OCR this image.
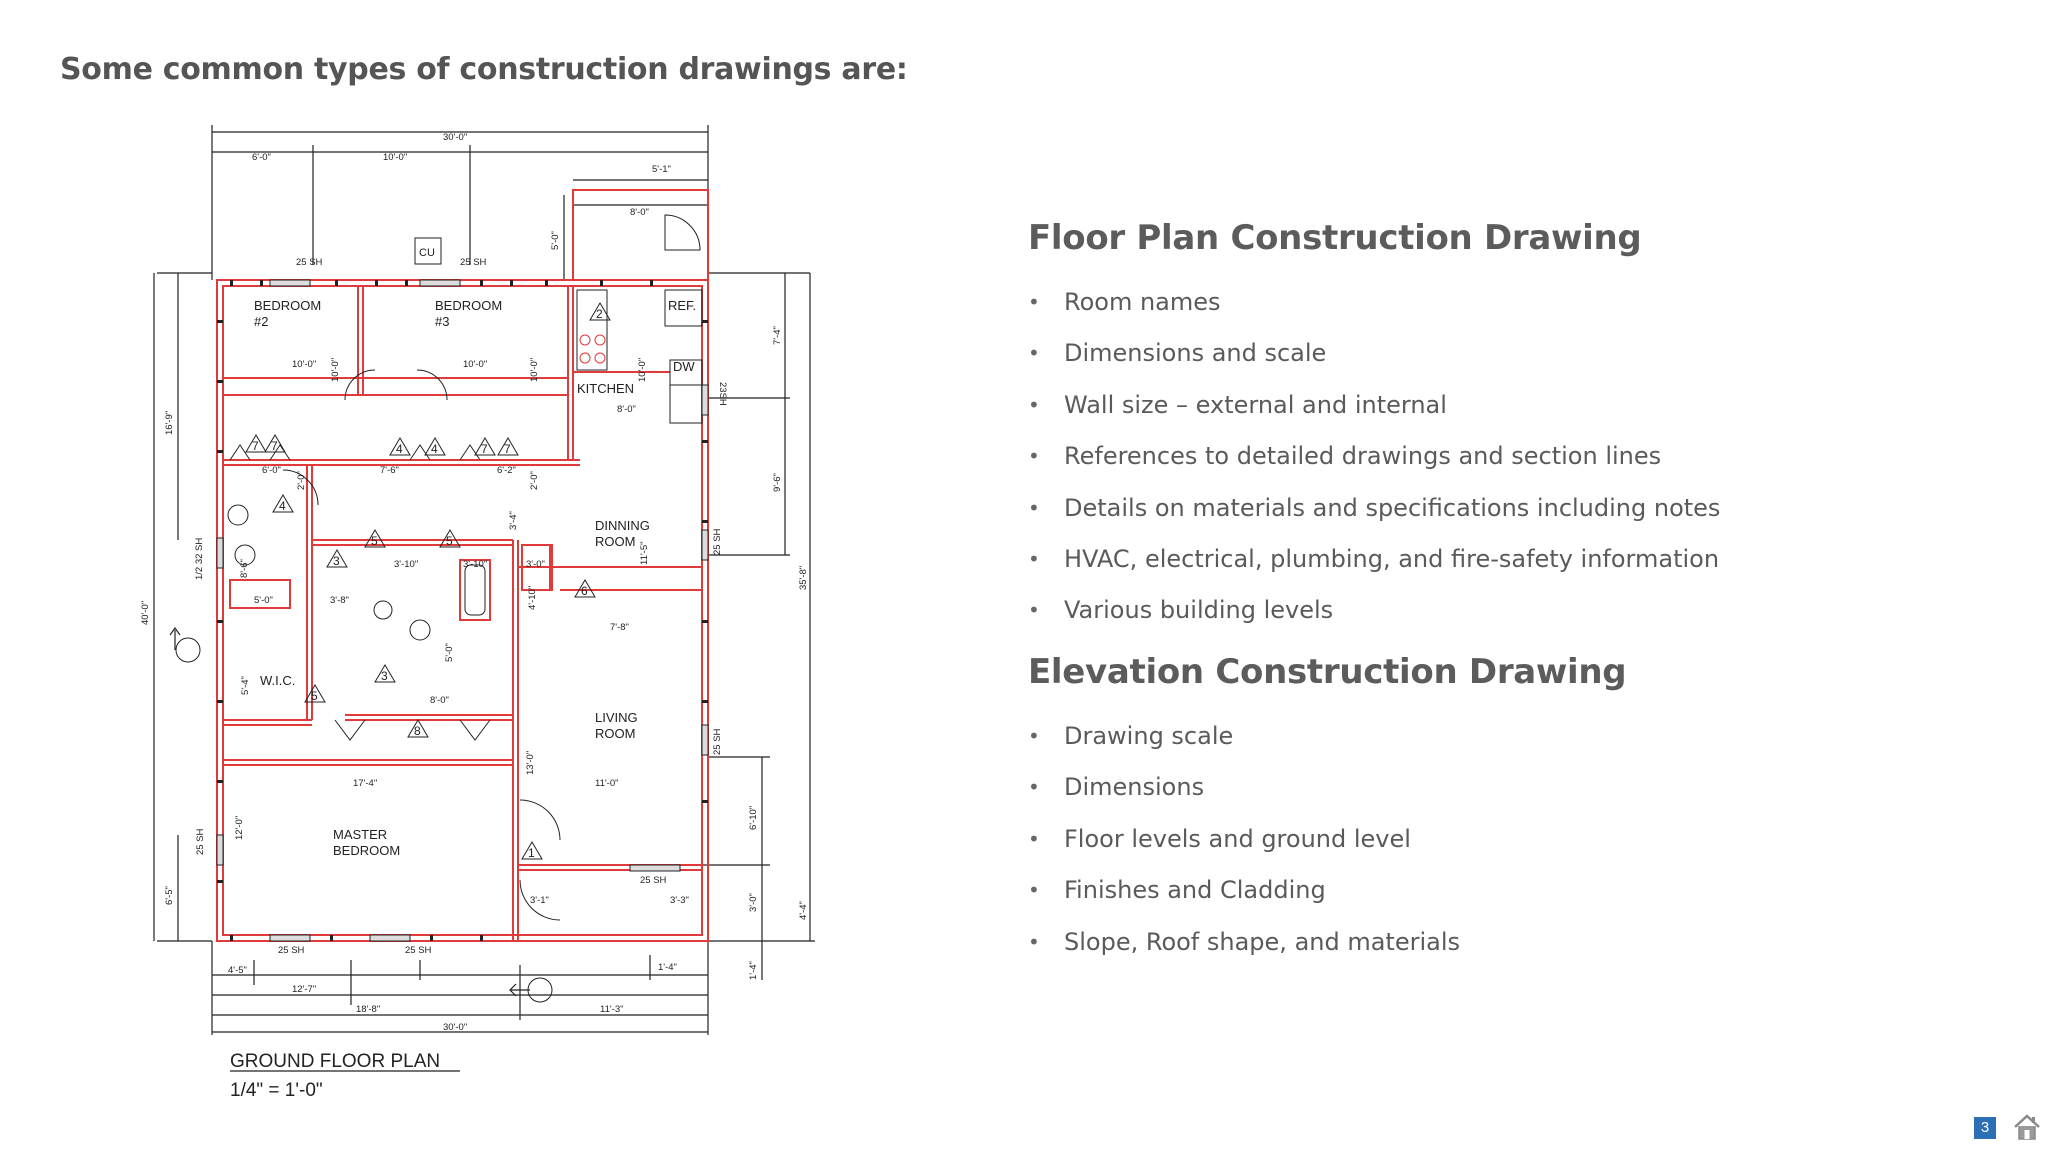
Some common types of construction drawings are:
BEDROOM
#2
BEDROOM
#3
KITCHEN
REF.
DW
CU
DINNING
ROOM
LIVING
ROOM
MASTER
BEDROOM
W.I.C.
30'-0"
6'-0"	10'-0"
5'-1"
8'-0"
5'-0"
25 SH	25 SH
10'-0" 10'-0"	10'-0"	10'-0"
8'-0"
10'-0"
6'-0"	7'-6"	6'-2"
2'-0"	2'-0"
16'-9"
40'-0"
1/2 32 SH
6'-5"
25 SH
7'-4"
9'-6"
35'-8"
6'-10"
3'-0"	4'-4"
1'-4"
23SH
25 SH
25 SH
3'-4"
11'-5"
7'-8"
3'-10"	3'-10"	3'-0"
4'-10"
5'-0"	3'-8"
5'-0"
8'-0"
8'-6"
5'-4"
13'-0"
11'-0"
17'-4"
12'-0"
25 SH	25 SH
25 SH
3'-1"	3'-3"
1'-4"
4'-5"
12'-7"
18'-8"	11'-3"
30'-0"
2
7 7	4 4	7 7
4
5	5
3
6
3
5
8
1
GROUND FLOOR PLAN
1/4" = 1'-0"
Floor Plan Construction Drawing
• Room names
• Dimensions and scale
• Wall size – external and internal
• References to detailed drawings and section lines
• Details on materials and specifications including notes
• HVAC, electrical, plumbing, and fire-safety information
• Various building levels
Elevation Construction Drawing
• Drawing scale
• Dimensions
• Floor levels and ground level
• Finishes and Cladding
• Slope, Roof shape, and materials
3
